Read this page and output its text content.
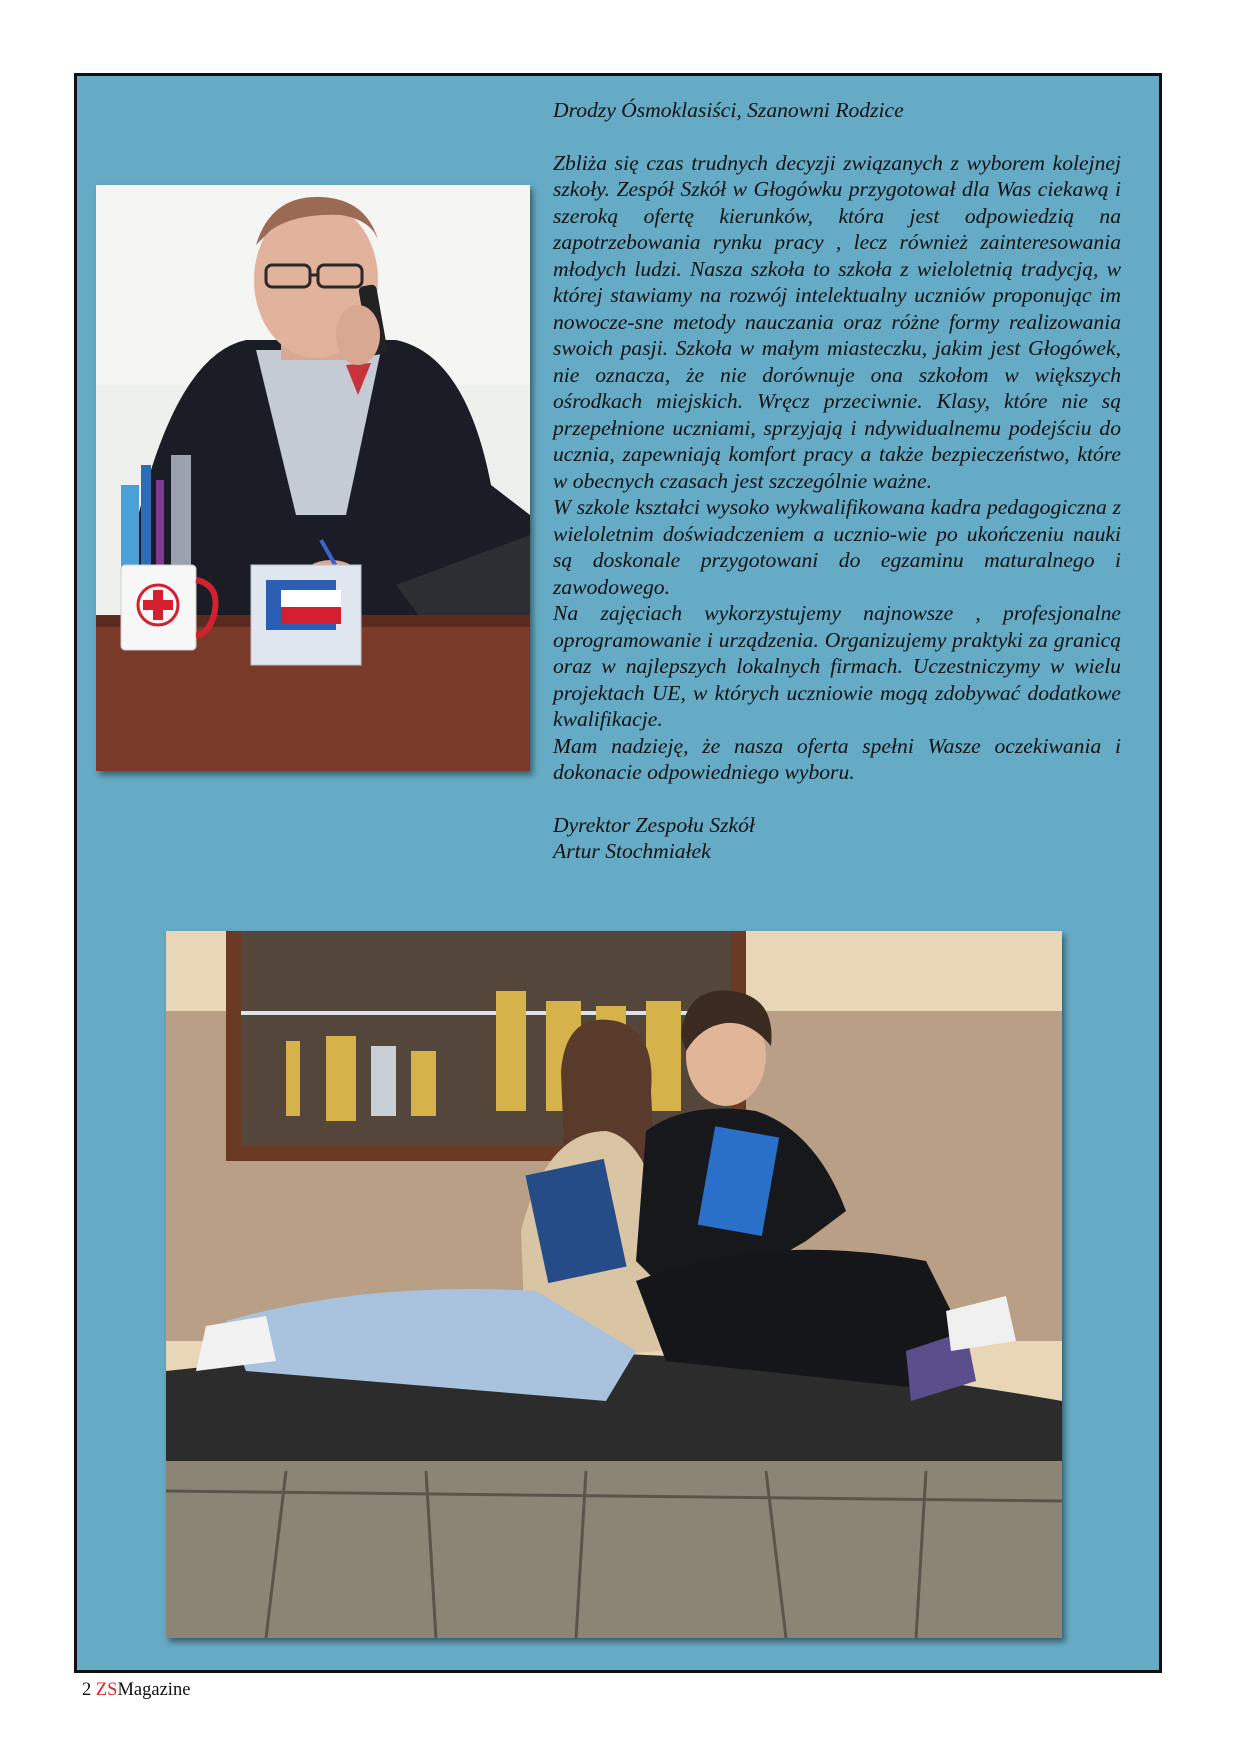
Drodzy Ósmoklasiści, Szanowni Rodzice

Zbliża się czas trudnych decyzji związanych z wyborem kolejnej szkoły. Zespół Szkół w Głogówku przygotował dla Was ciekawą i szeroką ofertę kierunków, która jest odpowiedzią na zapotrzebowania rynku pracy , lecz również zainteresowania młodych ludzi. Nasza szkoła to szkoła z wieloletnią tradycją, w której stawiamy na rozwój intelektualny uczniów proponując im nowocze-sne metody nauczania oraz różne formy realizowania swoich pasji. Szkoła w małym miasteczku, jakim jest Głogówek, nie oznacza, że nie dorównuje ona szkołom w większych ośrodkach miejskich. Wręcz przeciwnie. Klasy, które nie są przepełnione uczniami, sprzyjają i ndywidualnemu podejściu do ucznia, zapewniają komfort pracy a także bezpieczeństwo, które w obecnych czasach jest szczególnie ważne.

W szkole kształci wysoko wykwalifikowana kadra pedagogiczna z wieloletnim doświadczeniem a ucznio-wie po ukończeniu nauki są doskonale przygotowani do egzaminu maturalnego i zawodowego.

Na zajęciach wykorzystujemy najnowsze , profesjonalne oprogramowanie i urządzenia. Organizujemy praktyki za granicą oraz w najlepszych lokalnych firmach. Uczestniczymy w wielu projektach UE, w których uczniowie mogą zdobywać dodatkowe kwalifikacje.

Mam nadzieję, że nasza oferta spełni Wasze oczekiwania i dokonacie odpowiedniego wyboru.

Dyrektor Zespołu Szkół

Artur Stochmiałek

2 ZSMagazine
